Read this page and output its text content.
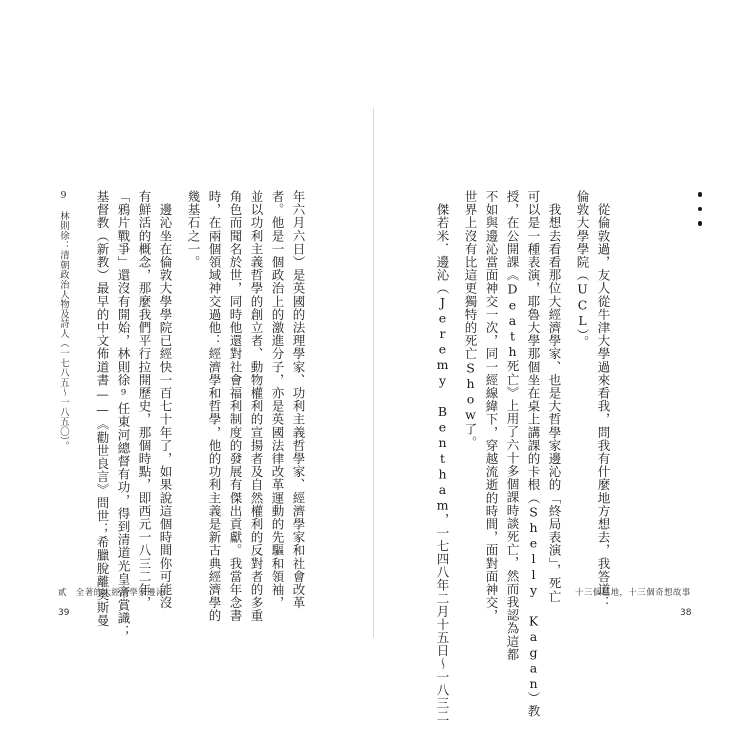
9　林則徐：清朝政治人物及詩人（一七八五〜一八五〇）。 基督教（新教）最早的中文佈道書——《勸世良言》問世；希臘脫離奧斯曼 「鴉片戰爭」還沒有開始，林則徐⁹任東河總督有功，得到清道光皇帝賞識； 有鮮活的概念，那麼我們平行拉開歷史，那個時點，即西元一八三二年， 　邊沁坐在倫敦大學學院已經快一百七十年了，如果說這個時間你可能沒 幾基石之一。 時，在兩個領域神交過他：經濟學和哲學，他的功利主義是新古典經濟學的 角色而聞名於世，同時他還對社會福利制度的發展有傑出貢獻。我當年念書 並以功利主義哲學的創立者、動物權利的宣揚者及自然權利的反對者的多重 者。他是一個政治上的激進分子，亦是英國法律改革運動的先驅和領袖， 年六月六日）是英國的法理學家、功利主義哲學家、經濟學家和社會改革	　傑若米．邊沁（Jeremy Bentham，一七四八年二月十五日〜一八三二 世界上沒有比這更獨特的死亡Show了。 不如與邊沁當面神交一次，同一經線緯下，穿越流逝的時間，面對面神交， 授，在公開課《Death死亡》上用了六十多個課時談死亡，然而我認為這都 可以是一種表演，耶魯大學那個坐在桌上講課的卡根（Shelly Kagan）教 　我想去看看那位大經濟學家、也是大哲學家邊沁的「終局表演」，死亡 倫敦大學學院（UCL）。 　從倫敦過，友人從牛津大學過來看我，問我有什麼地方想去，我答道：
貳　全著的大經濟學家邊沁
39
十三個墓地，十三個奇想故事
38
